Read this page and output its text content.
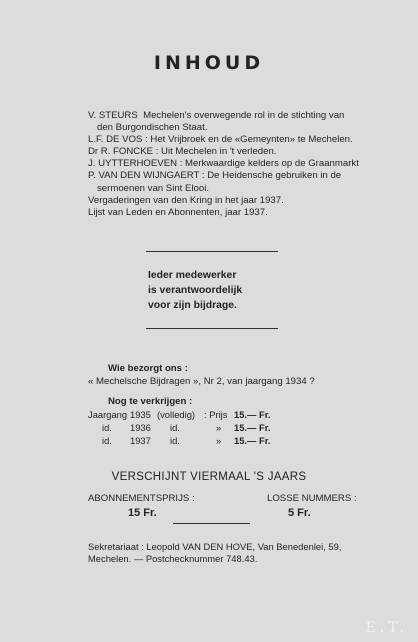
INHOUD

V. STEURS Mechelen's overwegende rol in de stichting van
den Burgondischen Staat.

L.F. DE VOS : Het Vrijbroek en de «Gemeynten» te Mechelen.

Dr R. FONCKE : Uit Mechelen in 't verleden.

J. UYTTERHOEVEN : Merkwaardige kelders op de Graanmarkt

P. VAN DEN WIJNGAERT : De Heidensche gebruiken in de
sermoenen van Sint Elooi.

Vergaderingen van den Kring in het jaar 1937.

Lijst van Leden en Abonnenten, jaar 1937.

Ieder medewerker
is verantwoordelijk
voor zijn bijdrage.
Wie bezorgt ons :
« Mechelsche Bijdragen », Nr 2, van jaargang 1934 ?
Nog te verkrijgen :
Jaargang 1935 (volledig) : Prijs 15.— Fr.
id. 1936 id.	» 15.— Fr.
id. 1937 id.	» 15.— Fr.
VERSCHIJNT VIERMAAL 'S JAARS
ABONNEMENTSPRIJS :
15 Fr.
LOSSE NUMMERS :
5 Fr.
Sekretariaat : Leopold VAN DEN HOVE, Van Benedenlei, 59,
Mechelen. — Postchecknummer 748.43.
E.T.
